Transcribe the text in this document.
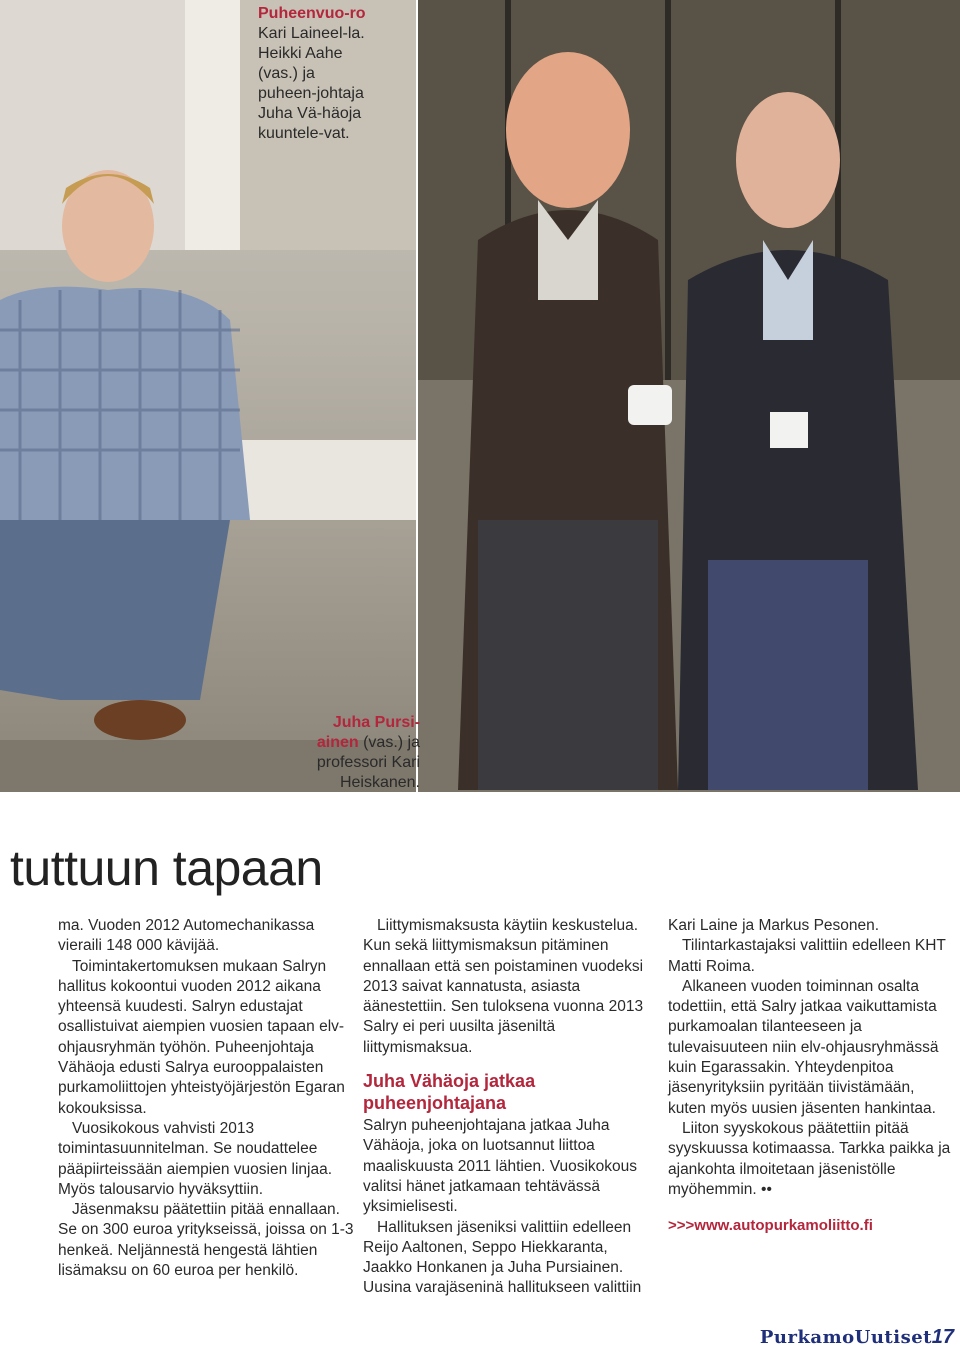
Puheenvuo-ro Kari Laineel-la. Heikki Aahe (vas.) ja puheen-johtaja Juha Vä-häoja kuuntele-vat.
Juha Pursi-ainen (vas.) ja professori Kari Heiskanen.
tuttuun tapaan

ma. Vuoden 2012 Automechanikassa vieraili 148 000 kävijää.

Toimintakertomuksen mukaan Salryn hallitus kokoontui vuoden 2012 aikana yhteensä kuudesti. Salryn edustajat osallistuivat aiempien vuosien tapaan elv-ohjausryhmän työhön. Puheenjohtaja Vähäoja edusti Salrya eurooppalaisten purkamoliittojen yhteistyöjärjestön Egaran kokouksissa.

Vuosikokous vahvisti 2013 toimintasuunnitelman. Se noudattelee pääpiirteissään aiempien vuosien linjaa. Myös talousarvio hyväksyttiin.

Jäsenmaksu päätettiin pitää ennallaan. Se on 300 euroa yritykseissä, joissa on 1-3 henkeä. Neljännestä hengestä lähtien lisämaksu on 60 euroa per henkilö.

Liittymismaksusta käytiin keskustelua. Kun sekä liittymismaksun pitäminen ennallaan että sen poistaminen vuodeksi 2013 saivat kannatusta, asiasta äänestettiin. Sen tuloksena vuonna 2013 Salry ei peri uusilta jäseniltä liittymismaksua.

Juha Vähäoja jatkaa puheenjohtajana

Salryn puheenjohtajana jatkaa Juha Vähäoja, joka on luotsannut liittoa maaliskuusta 2011 lähtien. Vuosikokous valitsi hänet jatkamaan tehtävässä yksimielisesti.

Hallituksen jäseniksi valittiin edelleen Reijo Aaltonen, Seppo Hiekkaranta, Jaakko Honkanen ja Juha Pursiainen. Uusina varajäseninä hallitukseen valittiin

Kari Laine ja Markus Pesonen.

Tilintarkastajaksi valittiin edelleen KHT Matti Roima.

Alkaneen vuoden toiminnan osalta todettiin, että Salry jatkaa vaikuttamista purkamoalan tilanteeseen ja tulevaisuuteen niin elv-ohjausryhmässä kuin Egarassakin. Yhteydenpitoa jäsenyrityksiin pyritään tiivistämään, kuten myös uusien jäsenten hankintaa.

Liiton syyskokous päätettiin pitää syyskuussa kotimaassa. Tarkka paikka ja ajankohta ilmoitetaan jäsenistölle myöhemmin. ••

>>>www.autopurkamoliitto.fi
PurkamoUutiset 17
